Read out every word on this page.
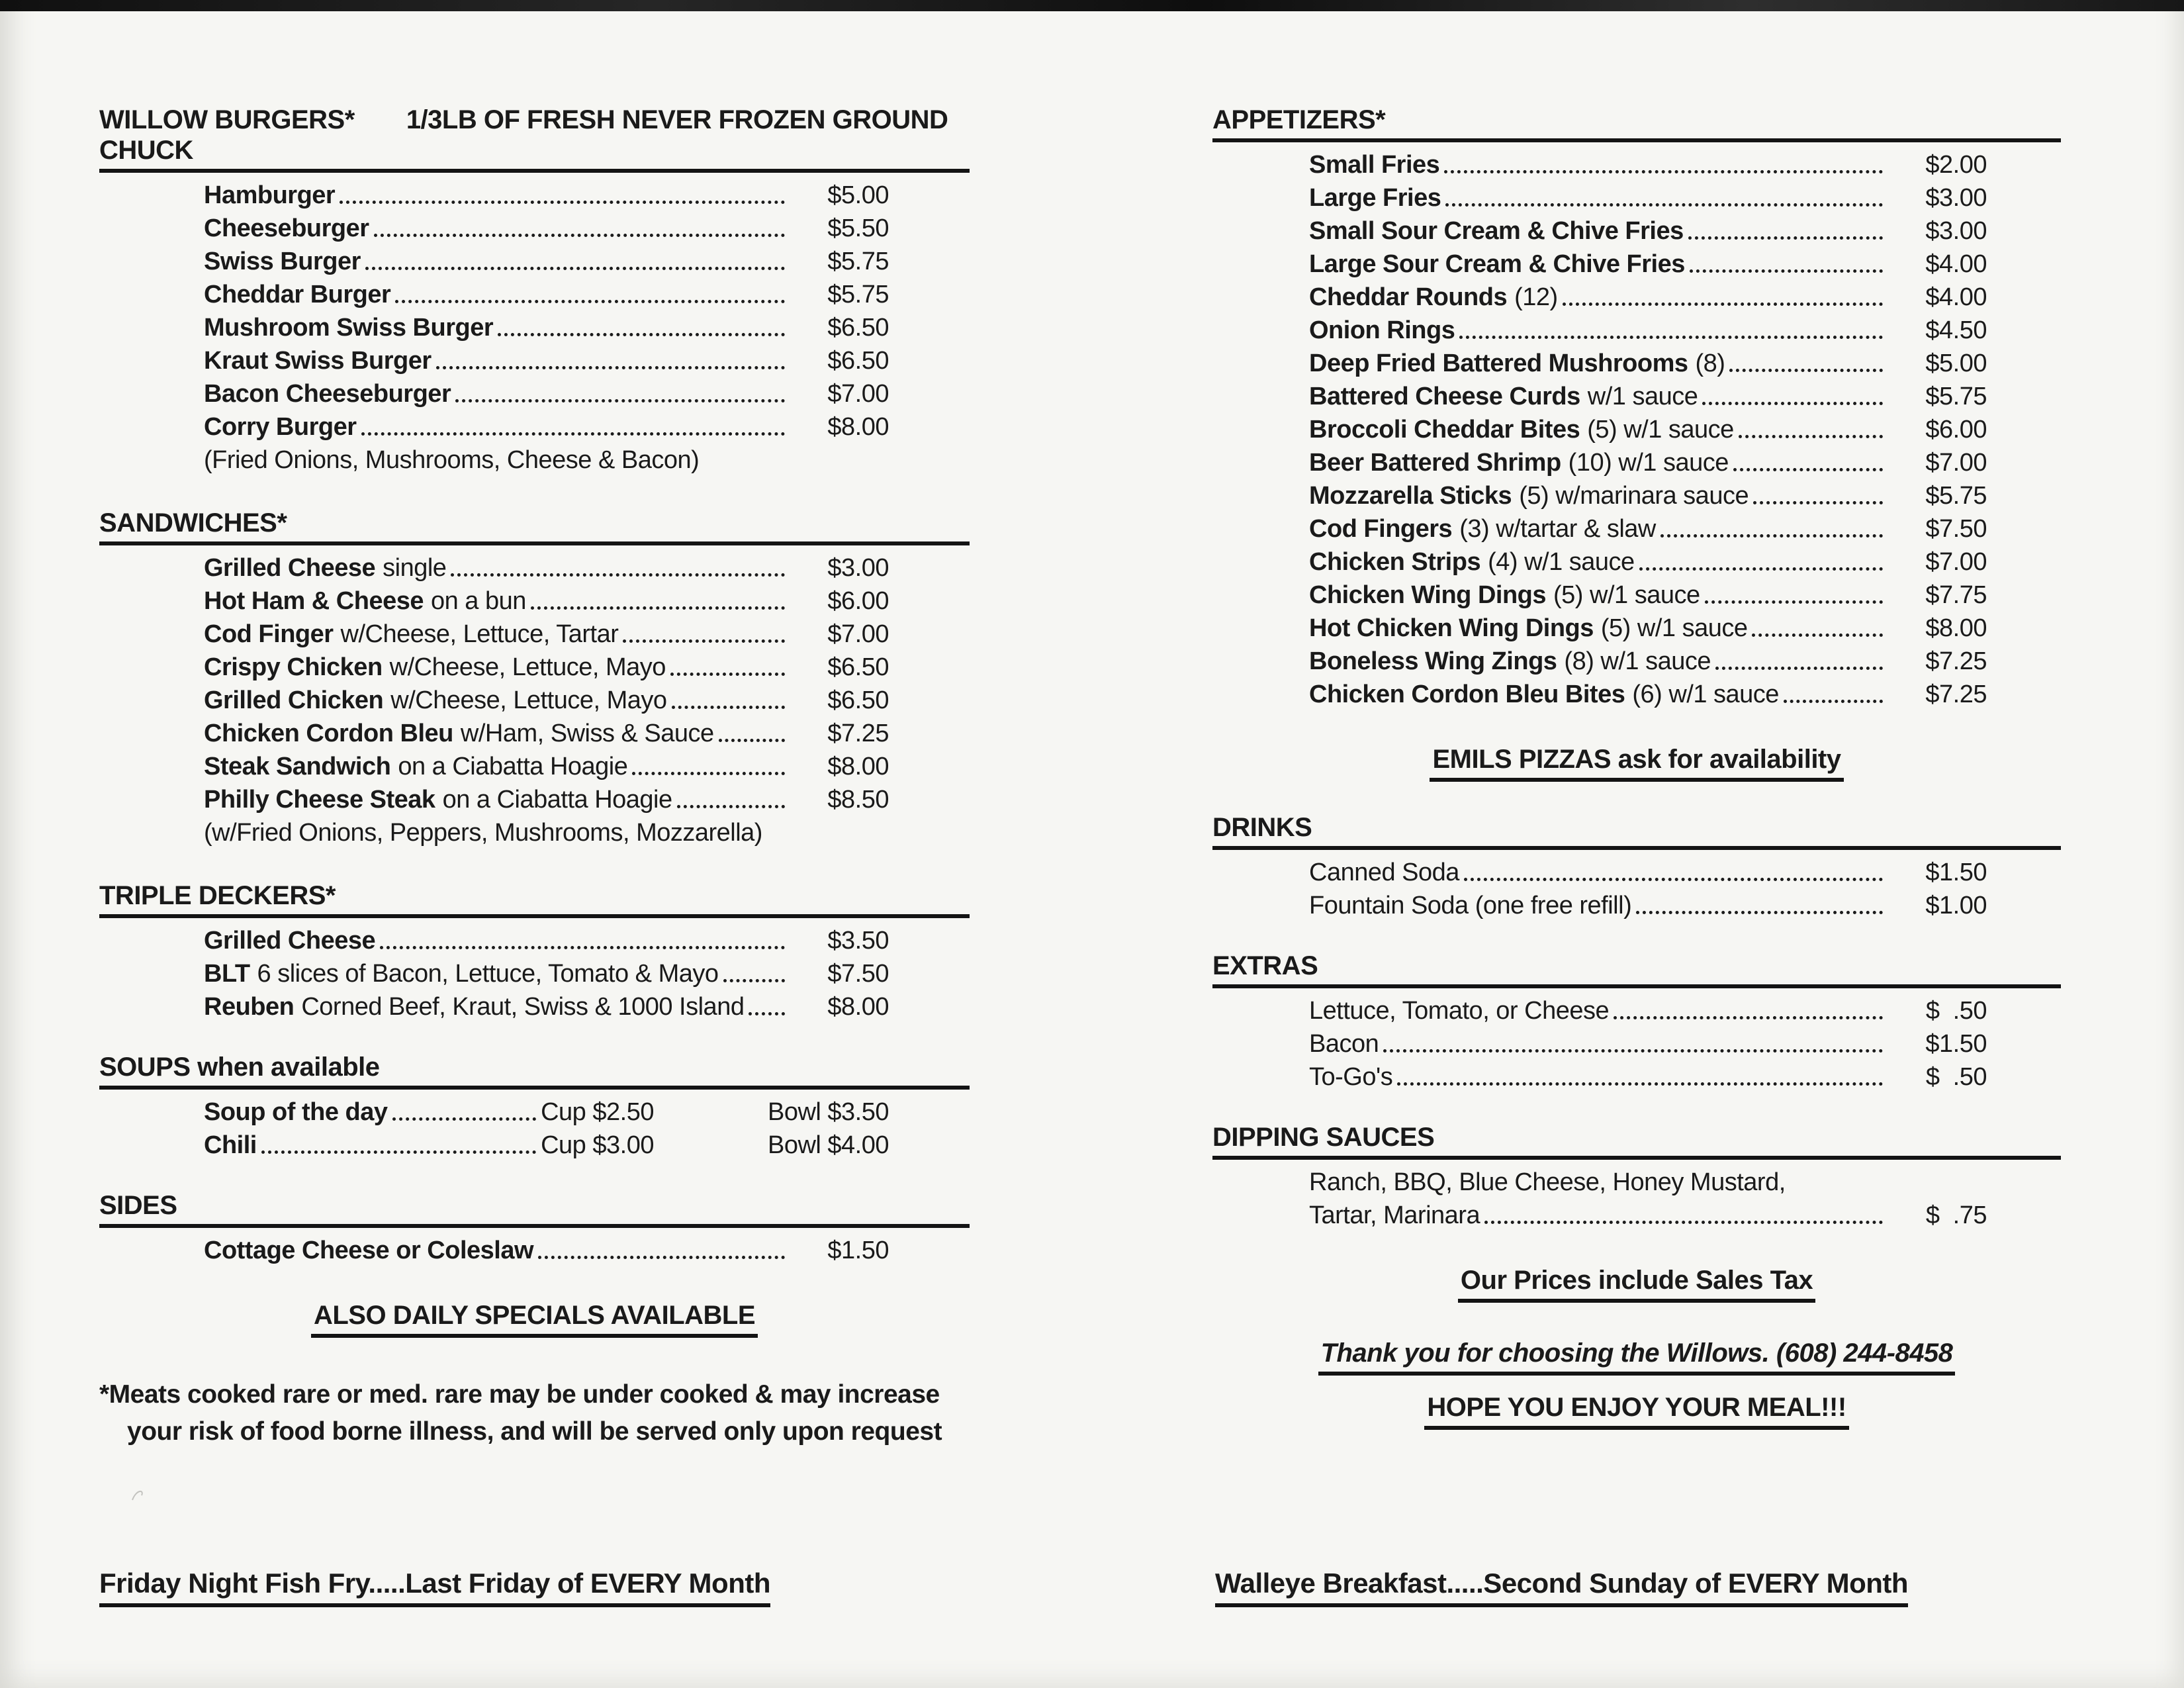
WILLOW BURGERS* 1/3LB OF FRESH NEVER FROZEN GROUND CHUCK
Hamburger	$5.00
Cheeseburger	$5.50
Swiss Burger	$5.75
Cheddar Burger	$5.75
Mushroom Swiss Burger	$6.50
Kraut Swiss Burger	$6.50
Bacon Cheeseburger	$7.00
Corry Burger	$8.00
(Fried Onions, Mushrooms, Cheese & Bacon)
SANDWICHES*
Grilled Cheese single	$3.00
Hot Ham & Cheese on a bun	$6.00
Cod Finger w/Cheese, Lettuce, Tartar	$7.00
Crispy Chicken w/Cheese, Lettuce, Mayo	$6.50
Grilled Chicken w/Cheese, Lettuce, Mayo	$6.50
Chicken Cordon Bleu w/Ham, Swiss & Sauce	$7.25
Steak Sandwich on a Ciabatta Hoagie	$8.00
Philly Cheese Steak on a Ciabatta Hoagie	$8.50
(w/Fried Onions, Peppers, Mushrooms, Mozzarella)
TRIPLE DECKERS*
Grilled Cheese	$3.50
BLT 6 slices of Bacon, Lettuce, Tomato & Mayo	$7.50
Reuben Corned Beef, Kraut, Swiss & 1000 Island	$8.00
SOUPS when available
Soup of the day	Cup $2.50	Bowl $3.50
Chili	Cup $3.00	Bowl $4.00
SIDES
Cottage Cheese or Coleslaw	$1.50
ALSO DAILY SPECIALS AVAILABLE
*Meats cooked rare or med. rare may be under cooked & may increase
your risk of food borne illness, and will be served only upon request
APPETIZERS*
Small Fries	$2.00
Large Fries	$3.00
Small Sour Cream & Chive Fries	$3.00
Large Sour Cream & Chive Fries	$4.00
Cheddar Rounds (12)	$4.00
Onion Rings	$4.50
Deep Fried Battered Mushrooms (8)	$5.00
Battered Cheese Curds w/1 sauce	$5.75
Broccoli Cheddar Bites (5) w/1 sauce	$6.00
Beer Battered Shrimp (10) w/1 sauce	$7.00
Mozzarella Sticks (5) w/marinara sauce	$5.75
Cod Fingers (3) w/tartar & slaw	$7.50
Chicken Strips (4) w/1 sauce	$7.00
Chicken Wing Dings (5) w/1 sauce	$7.75
Hot Chicken Wing Dings (5) w/1 sauce	$8.00
Boneless Wing Zings (8) w/1 sauce	$7.25
Chicken Cordon Bleu Bites (6) w/1 sauce	$7.25
EMILS PIZZAS ask for availability
DRINKS
Canned Soda	$1.50
Fountain Soda (one free refill)	$1.00
EXTRAS
Lettuce, Tomato, or Cheese	$  .50
Bacon	$1.50
To-Go's	$  .50
DIPPING SAUCES
Ranch, BBQ, Blue Cheese, Honey Mustard,
Tartar, Marinara	$  .75
Our Prices include Sales Tax
Thank you for choosing the Willows. (608) 244-8458
HOPE YOU ENJOY YOUR MEAL!!!
Friday Night Fish Fry.....Last Friday of EVERY Month	Walleye Breakfast.....Second Sunday of EVERY Month
